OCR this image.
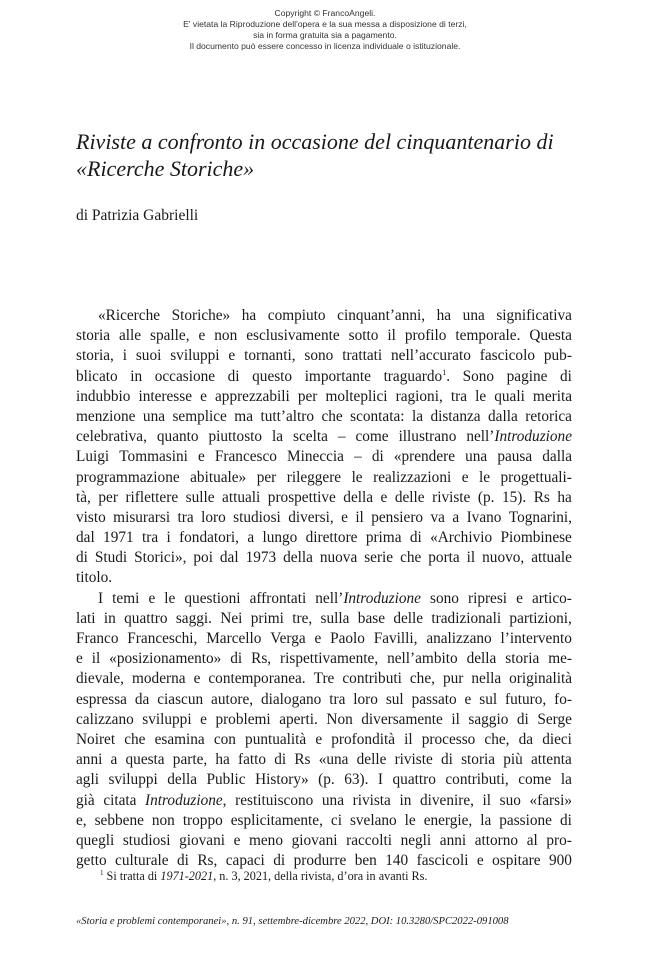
Copyright © FrancoAngeli.
E' vietata la Riproduzione dell'opera e la sua messa a disposizione di terzi,
sia in forma gratuita sia a pagamento.
Il documento può essere concesso in licenza individuale o istituzionale.
Riviste a confronto in occasione del cinquantenario di «Ricerche Storiche»
di Patrizia Gabrielli
«Ricerche Storiche» ha compiuto cinquant’anni, ha una significativa
storia alle spalle, e non esclusivamente sotto il profilo temporale. Questa
storia, i suoi sviluppi e tornanti, sono trattati nell’accurato fascicolo pub-
blicato in occasione di questo importante traguardo$^1$. Sono pagine di
indubbio interesse e apprezzabili per molteplici ragioni, tra le quali merita
menzione una semplice ma tutt’altro che scontata: la distanza dalla retorica
celebrativa, quanto piuttosto la scelta – come illustrano nell’Introduzione
Luigi Tommasini e Francesco Mineccia – di «prendere una pausa dalla
programmazione abituale» per rileggere le realizzazioni e le progettuali-
tà, per riflettere sulle attuali prospettive della e delle riviste (p. 15). Rs ha
visto misurarsi tra loro studiosi diversi, e il pensiero va a Ivano Tognarini,
dal 1971 tra i fondatori, a lungo direttore prima di «Archivio Piombinese
di Studi Storici», poi dal 1973 della nuova serie che porta il nuovo, attuale
titolo.
I temi e le questioni affrontati nell’Introduzione sono ripresi e artico-
lati in quattro saggi. Nei primi tre, sulla base delle tradizionali partizioni,
Franco Franceschi, Marcello Verga e Paolo Favilli, analizzano l’intervento
e il «posizionamento» di Rs, rispettivamente, nell’ambito della storia me-
dievale, moderna e contemporanea. Tre contributi che, pur nella originalità
espressa da ciascun autore, dialogano tra loro sul passato e sul futuro, fo-
calizzano sviluppi e problemi aperti. Non diversamente il saggio di Serge
Noiret che esamina con puntualità e profondità il processo che, da dieci
anni a questa parte, ha fatto di Rs «una delle riviste di storia più attenta
agli sviluppi della Public History» (p. 63). I quattro contributi, come la
già citata Introduzione, restituiscono una rivista in divenire, il suo «farsi»
e, sebbene non troppo esplicitamente, ci svelano le energie, la passione di
quegli studiosi giovani e meno giovani raccolti negli anni attorno al pro-
getto culturale di Rs, capaci di produrre ben 140 fascicoli e ospitare 900
$^1$ Si tratta di 1971-2021, n. 3, 2021, della rivista, d’ora in avanti Rs.
«Storia e problemi contemporanei», n. 91, settembre-dicembre 2022, DOI: 10.3280/SPC2022-091008
